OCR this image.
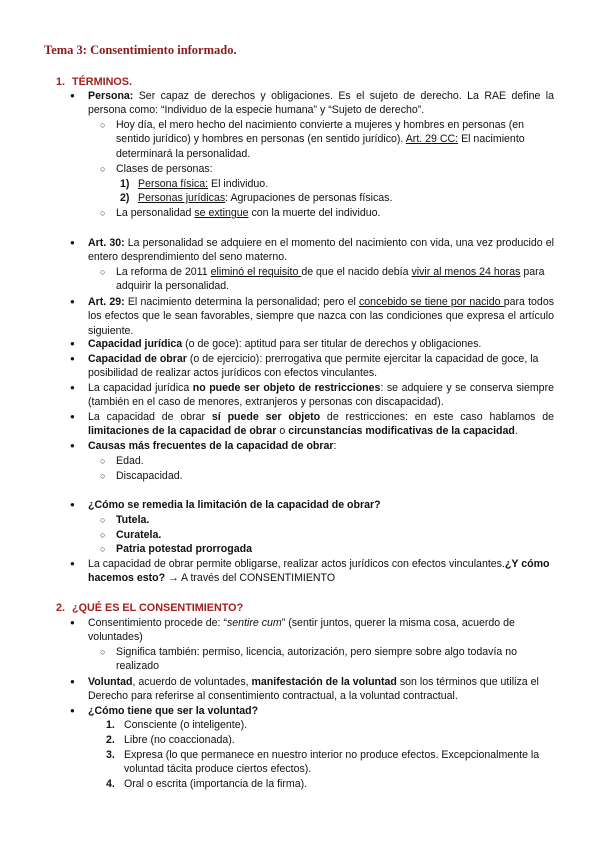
Tema 3: Consentimiento informado.
1. TÉRMINOS.
● Persona: Ser capaz de derechos y obligaciones. Es el sujeto de derecho. La RAE define la persona como: “Individuo de la especie humana” y “Sujeto de derecho”.
○ Hoy día, el mero hecho del nacimiento convierte a mujeres y hombres en personas (en sentido jurídico) y hombres en personas (en sentido jurídico). Art. 29 CC: El nacimiento determinará la personalidad.
○ Clases de personas:
1) Persona física: El individuo.
2) Personas jurídicas: Agrupaciones de personas físicas.
○ La personalidad se extingue con la muerte del individuo.
● Art. 30: La personalidad se adquiere en el momento del nacimiento con vida, una vez producido el entero desprendimiento del seno materno.
○ La reforma de 2011 eliminó el requisito de que el nacido debía vivir al menos 24 horas para adquirir la personalidad.
● Art. 29: El nacimiento determina la personalidad; pero el concebido se tiene por nacido para todos los efectos que le sean favorables, siempre que nazca con las condiciones que expresa el artículo siguiente.
● Capacidad jurídica (o de goce): aptitud para ser titular de derechos y obligaciones.
● Capacidad de obrar (o de ejercicio): prerrogativa que permite ejercitar la capacidad de goce, la posibilidad de realizar actos jurídicos con efectos vinculantes.
● La capacidad jurídica no puede ser objeto de restricciones: se adquiere y se conserva siempre (también en el caso de menores, extranjeros y personas con discapacidad).
● La capacidad de obrar sí puede ser objeto de restricciones: en este caso hablamos de limitaciones de la capacidad de obrar o circunstancias modificativas de la capacidad.
● Causas más frecuentes de la capacidad de obrar:
○ Edad.
○ Discapacidad.
● ¿Cómo se remedia la limitación de la capacidad de obrar?
○ Tutela.
○ Curatela.
○ Patria potestad prorrogada
● La capacidad de obrar permite obligarse, realizar actos jurídicos con efectos vinculantes.¿Y cómo hacemos esto? → A través del CONSENTIMIENTO
2. ¿QUÉ ES EL CONSENTIMIENTO?
● Consentimiento procede de: “sentire cum” (sentir juntos, querer la misma cosa, acuerdo de voluntades)
○ Significa también: permiso, licencia, autorización, pero siempre sobre algo todavía no realizado
● Voluntad, acuerdo de voluntades, manifestación de la voluntad son los términos que utiliza el Derecho para referirse al consentimiento contractual, a la voluntad contractual.
● ¿Cómo tiene que ser la voluntad?
1. Consciente (o inteligente).
2. Libre (no coaccionada).
3. Expresa (lo que permanece en nuestro interior no produce efectos. Excepcionalmente la voluntad tácita produce ciertos efectos).
4. Oral o escrita (importancia de la firma).
